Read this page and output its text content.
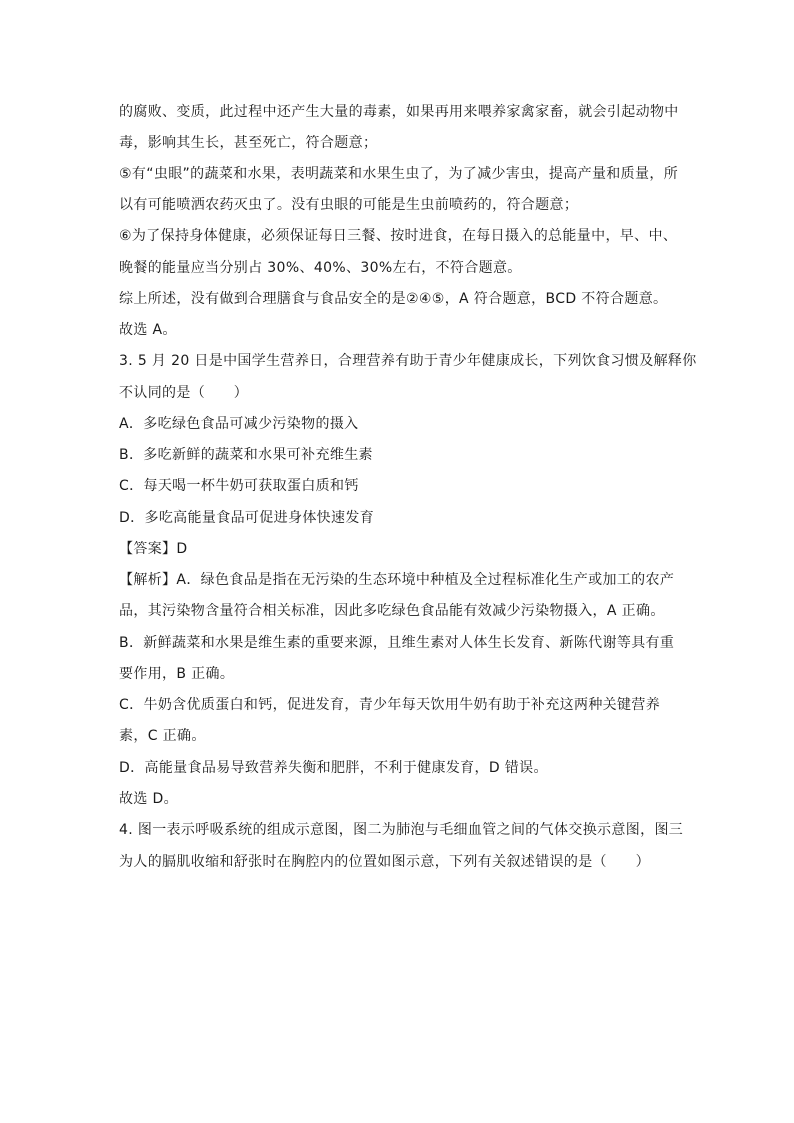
的腐败、变质，此过程中还产生大量的毒素，如果再用来喂养家禽家畜，就会引起动物中
毒，影响其生长，甚至死亡，符合题意；
⑤有“虫眼”的蔬菜和水果，表明蔬菜和水果生虫了，为了减少害虫，提高产量和质量，所
以有可能喷洒农药灭虫了。没有虫眼的可能是生虫前喷药的，符合题意；
⑥为了保持身体健康，必须保证每日三餐、按时进食，在每日摄入的总能量中，早、中、
晚餐的能量应当分别占 30%、40%、30%左右，不符合题意。
综上所述，没有做到合理膳食与食品安全的是②④⑤，A 符合题意，BCD 不符合题意。
故选 A。
3. 5 月 20 日是中国学生营养日，合理营养有助于青少年健康成长，下列饮食习惯及解释你
不认同的是（　　）
A．多吃绿色食品可减少污染物的摄入
B．多吃新鲜的蔬菜和水果可补充维生素
C．每天喝一杯牛奶可获取蛋白质和钙
D．多吃高能量食品可促进身体快速发育
【答案】D
【解析】A．绿色食品是指在无污染的生态环境中种植及全过程标准化生产或加工的农产
品，其污染物含量符合相关标准，因此多吃绿色食品能有效减少污染物摄入，A 正确。
B．新鲜蔬菜和水果是维生素的重要来源，且维生素对人体生长发育、新陈代谢等具有重
要作用，B 正确。
C．牛奶含优质蛋白和钙，促进发育，青少年每天饮用牛奶有助于补充这两种关键营养
素，C 正确。
D．高能量食品易导致营养失衡和肥胖，不利于健康发育，D 错误。
故选 D。
4. 图一表示呼吸系统的组成示意图，图二为肺泡与毛细血管之间的气体交换示意图，图三
为人的膈肌收缩和舒张时在胸腔内的位置如图示意，下列有关叙述错误的是（　　）
